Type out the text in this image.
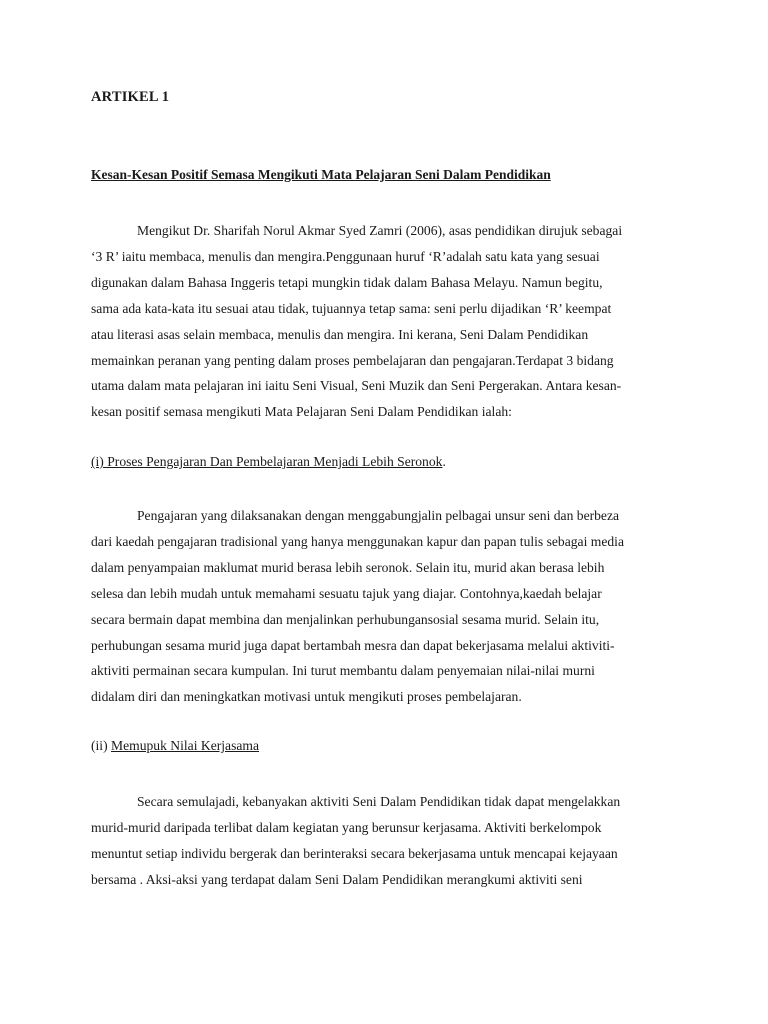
ARTIKEL 1

Kesan-Kesan Positif Semasa Mengikuti Mata Pelajaran Seni Dalam Pendidikan

Mengikut Dr. Sharifah Norul Akmar Syed Zamri (2006), asas pendidikan dirujuk sebagai
‘3 R’ iaitu membaca, menulis dan mengira.Penggunaan huruf ‘R’adalah satu kata yang sesuai
digunakan dalam Bahasa Inggeris tetapi mungkin tidak dalam Bahasa Melayu. Namun begitu,
sama ada kata-kata itu sesuai atau tidak, tujuannya tetap sama: seni perlu dijadikan ‘R’ keempat
atau literasi asas selain membaca, menulis dan mengira. Ini kerana, Seni Dalam Pendidikan
memainkan peranan yang penting dalam proses pembelajaran dan pengajaran.Terdapat 3 bidang
utama dalam mata pelajaran ini iaitu Seni Visual, Seni Muzik dan Seni Pergerakan. Antara kesan-
kesan positif semasa mengikuti Mata Pelajaran Seni Dalam Pendidikan ialah:

(i) Proses Pengajaran Dan Pembelajaran Menjadi Lebih Seronok.

Pengajaran yang dilaksanakan dengan menggabungjalin pelbagai unsur seni dan berbeza
dari kaedah pengajaran tradisional yang hanya menggunakan kapur dan papan tulis sebagai media
dalam penyampaian maklumat murid berasa lebih seronok. Selain itu, murid akan berasa lebih
selesa dan lebih mudah untuk memahami sesuatu tajuk yang diajar. Contohnya,kaedah belajar
secara bermain dapat membina dan menjalinkan perhubungansosial sesama murid. Selain itu,
perhubungan sesama murid juga dapat bertambah mesra dan dapat bekerjasama melalui aktiviti-
aktiviti permainan secara kumpulan. Ini turut membantu dalam penyemaian nilai-nilai murni
didalam diri dan meningkatkan motivasi untuk mengikuti proses pembelajaran.

(ii) Memupuk Nilai Kerjasama

Secara semulajadi, kebanyakan aktiviti Seni Dalam Pendidikan tidak dapat mengelakkan
murid-murid daripada terlibat dalam kegiatan yang berunsur kerjasama. Aktiviti berkelompok
menuntut setiap individu bergerak dan berinteraksi secara bekerjasama untuk mencapai kejayaan
bersama . Aksi-aksi yang terdapat dalam Seni Dalam Pendidikan merangkumi aktiviti seni
